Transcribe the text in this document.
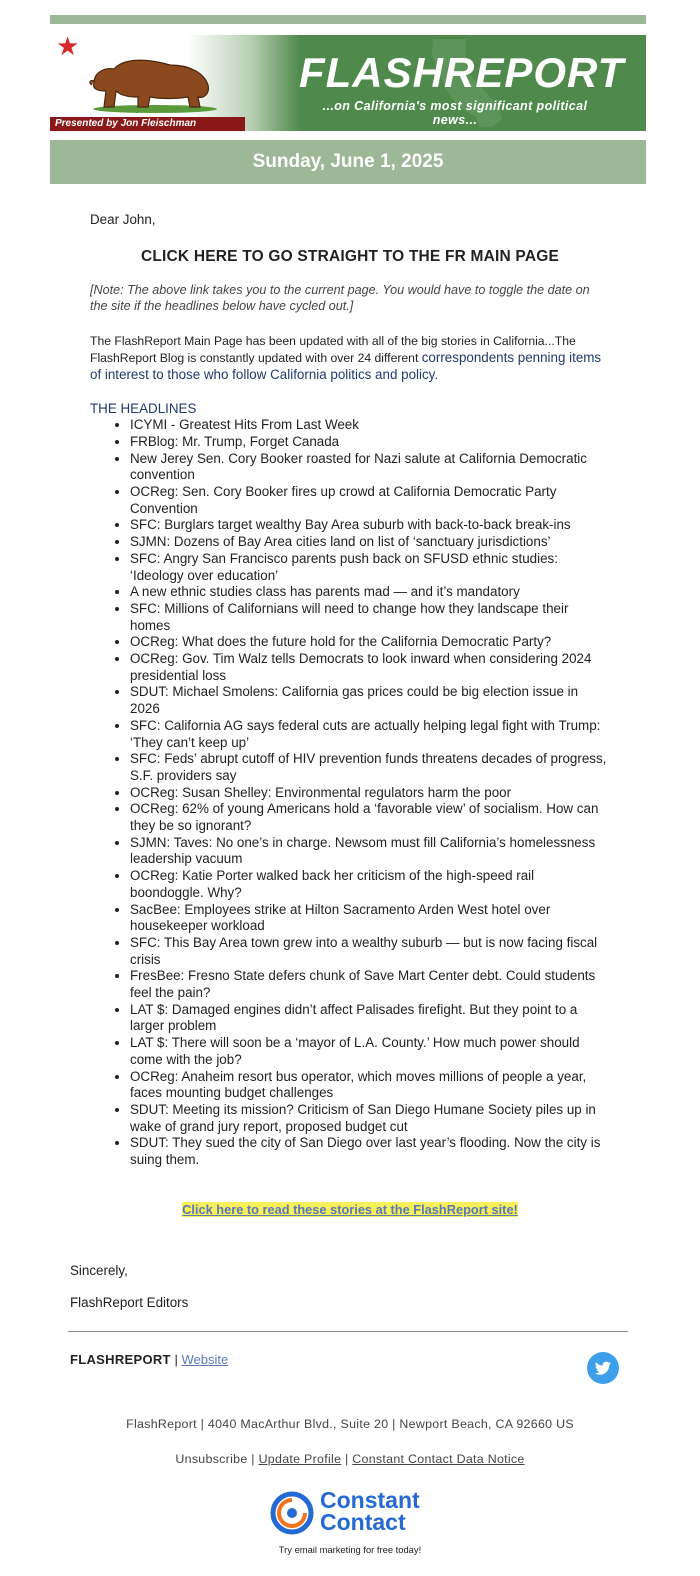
★
Presented by Jon Fleischman
FLASHREPORT
...on California's most significant political news...
Sunday, June 1, 2025

Dear John,

CLICK HERE TO GO STRAIGHT TO THE FR MAIN PAGE

[Note: The above link takes you to the current page. You would have to toggle the date on the site if the headlines below have cycled out.]

The FlashReport Main Page has been updated with all of the big stories in California...The FlashReport Blog is constantly updated with over 24 different correspondents penning items of interest to those who follow California politics and policy.

THE HEADLINES
• ICYMI - Greatest Hits From Last Week
• FRBlog: Mr. Trump, Forget Canada
• New Jerey Sen. Cory Booker roasted for Nazi salute at California Democratic convention
• OCReg: Sen. Cory Booker fires up crowd at California Democratic Party Convention
• SFC: Burglars target wealthy Bay Area suburb with back-to-back break-ins
• SJMN: Dozens of Bay Area cities land on list of ‘sanctuary jurisdictions’
• SFC: Angry San Francisco parents push back on SFUSD ethnic studies: ‘Ideology over education’
• A new ethnic studies class has parents mad — and it’s mandatory
• SFC: Millions of Californians will need to change how they landscape their homes
• OCReg: What does the future hold for the California Democratic Party?
• OCReg: Gov. Tim Walz tells Democrats to look inward when considering 2024 presidential loss
• SDUT: Michael Smolens: California gas prices could be big election issue in 2026
• SFC: California AG says federal cuts are actually helping legal fight with Trump: ‘They can’t keep up’
• SFC: Feds’ abrupt cutoff of HIV prevention funds threatens decades of progress, S.F. providers say
• OCReg: Susan Shelley: Environmental regulators harm the poor
• OCReg: 62% of young Americans hold a ‘favorable view’ of socialism. How can they be so ignorant?
• SJMN: Taves: No one’s in charge. Newsom must fill California’s homelessness leadership vacuum
• OCReg: Katie Porter walked back her criticism of the high-speed rail boondoggle. Why?
• SacBee: Employees strike at Hilton Sacramento Arden West hotel over housekeeper workload
• SFC: This Bay Area town grew into a wealthy suburb — but is now facing fiscal crisis
• FresBee: Fresno State defers chunk of Save Mart Center debt. Could students feel the pain?
• LAT $: Damaged engines didn’t affect Palisades firefight. But they point to a larger problem
• LAT $: There will soon be a ‘mayor of L.A. County.’ How much power should come with the job?
• OCReg: Anaheim resort bus operator, which moves millions of people a year, faces mounting budget challenges
• SDUT: Meeting its mission? Criticism of San Diego Humane Society piles up in wake of grand jury report, proposed budget cut
• SDUT: They sued the city of San Diego over last year’s flooding. Now the city is suing them.
Click here to read these stories at the FlashReport site!
Sincerely,
FlashReport Editors
FLASHREPORT | Website
FlashReport | 4040 MacArthur Blvd., Suite 20 | Newport Beach, CA 92660 US
Unsubscribe | Update Profile | Constant Contact Data Notice
Constant
Contact
Try email marketing for free today!
